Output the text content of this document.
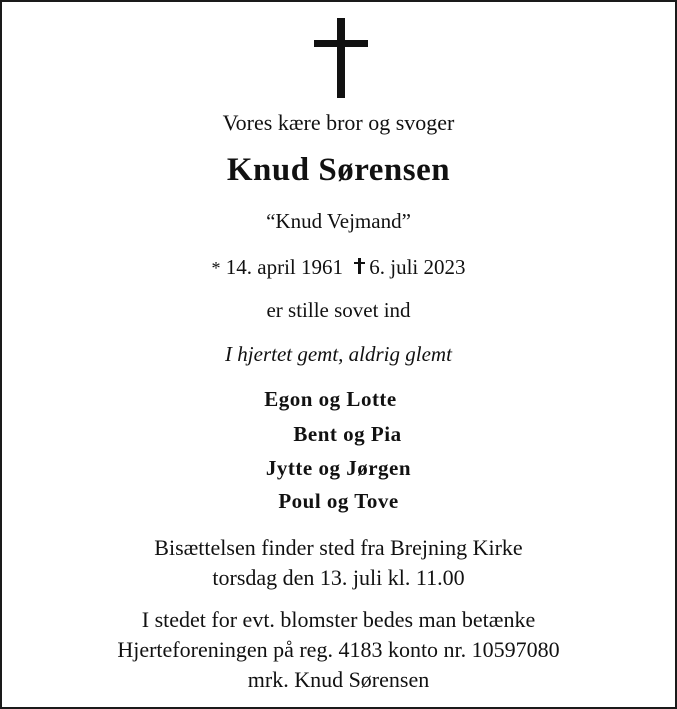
Vores kære bror og svoger
Knud Sørensen
“Knud Vejmand”
* 14. april 1961 6. juli 2023
er stille sovet ind
I hjertet gemt, aldrig glemt
Egon og Lotte
Bent og Pia
Jytte og Jørgen
Poul og Tove
Bisættelsen finder sted fra Brejning Kirke
torsdag den 13. juli kl. 11.00
I stedet for evt. blomster bedes man betænke
Hjerteforeningen på reg. 4183 konto nr. 10597080
mrk. Knud Sørensen
